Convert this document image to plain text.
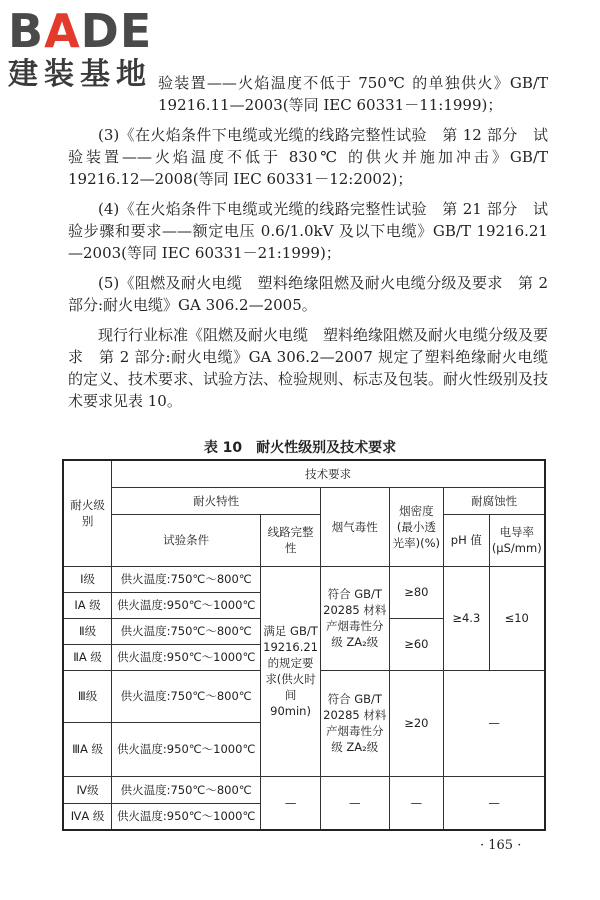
BADE
建装基地 验装置——火焰温度不低于 750℃ 的单独供火》GB/T 19216.11—2003(等同 IEC 60331－11:1999)；

(3)《在火焰条件下电缆或光缆的线路完整性试验　第 12 部分　试验装置——火焰温度不低于 830℃ 的供火并施加冲击》GB/T 19216.12—2008(等同 IEC 60331－12:2002)；

(4)《在火焰条件下电缆或光缆的线路完整性试验　第 21 部分　试验步骤和要求——额定电压 0.6/1.0kV 及以下电缆》GB/T 19216.21—2003(等同 IEC 60331－21:1999)；

(5)《阻燃及耐火电缆　塑料绝缘阻燃及耐火电缆分级及要求　第 2 部分:耐火电缆》GA 306.2—2005。

现行行业标准《阻燃及耐火电缆　塑料绝缘阻燃及耐火电缆分级及要求　第 2 部分:耐火电缆》GA 306.2—2007 规定了塑料绝缘耐火电缆的定义、技术要求、试验方法、检验规则、标志及包装。耐火性级别及技术要求见表 10。

表 10　耐火性级别及技术要求
耐火级别	技术要求					
	耐火特性		烟气毒性	烟密度(最小透光率)(%)	耐腐蚀性	
	试验条件	线路完整性			pH 值	电导率(μS/mm)
Ⅰ级	供火温度:750℃～800℃	满足 GB/T 19216.21 的规定要求(供火时间 90min)	符合 GB/T 20285 材料产烟毒性分级 ZA₂级	≥80	≥4.3	≤10
ⅠA 级	供火温度:950℃～1000℃					
Ⅱ级	供火温度:750℃～800℃			≥60		
ⅡA 级	供火温度:950℃～1000℃					
Ⅲ级	供火温度:750℃～800℃		符合 GB/T 20285 材料产烟毒性分级 ZA₂级	≥20	—	
ⅢA 级	供火温度:950℃～1000℃					
Ⅳ级	供火温度:750℃～800℃	—	—	—	—	
ⅣA 级	供火温度:950℃～1000℃					
· 165 ·
